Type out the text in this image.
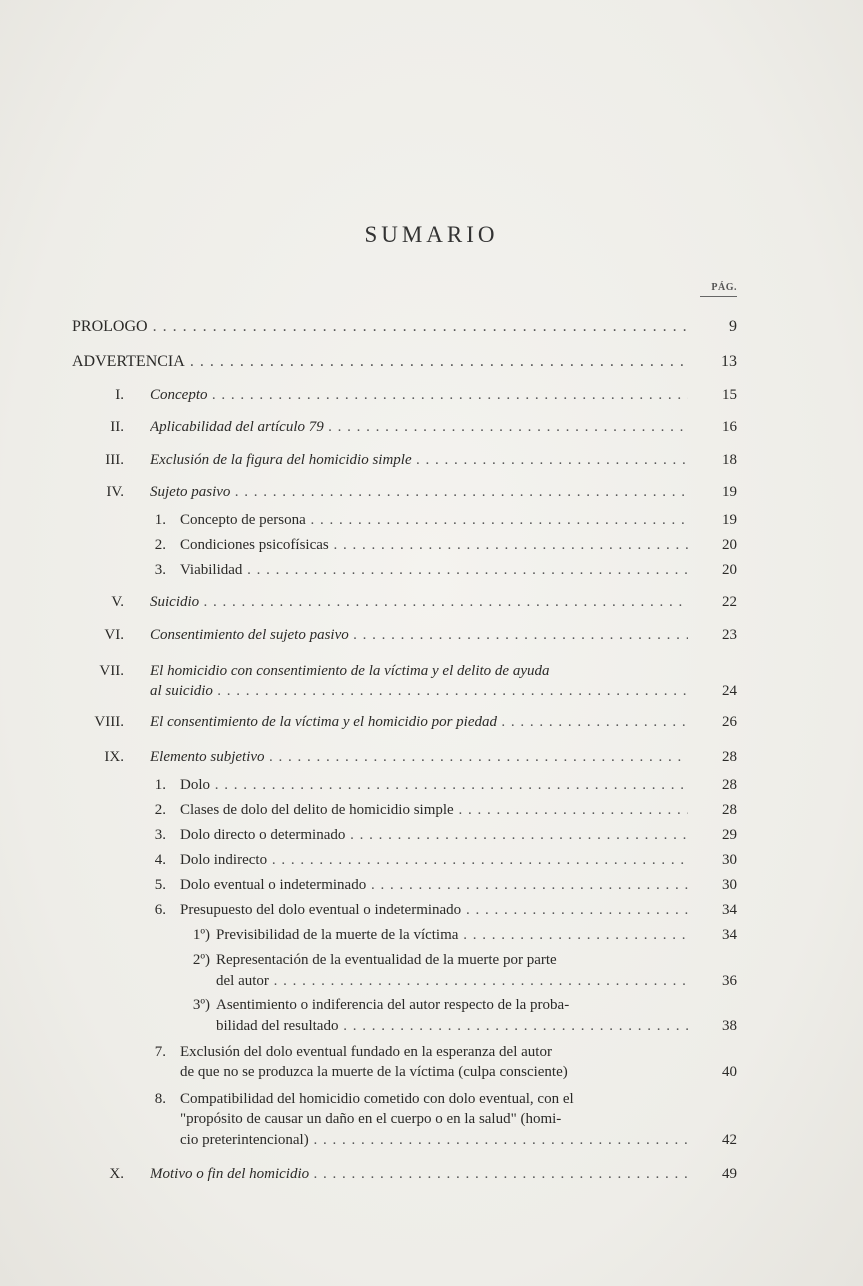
SUMARIO
PÁG.
PROLOGO . . .	9
ADVERTENCIA . . .	13
I. Concepto . . .	15
II. Aplicabilidad del artículo 79 . . .	16
III. Exclusión de la figura del homicidio simple . . .	18
IV. Sujeto pasivo . . .	19
1. Concepto de persona . . .	19
2. Condiciones psicofísicas . . .	20
3. Viabilidad . . .	20
V. Suicidio . . .	22
VI. Consentimiento del sujeto pasivo . . .	23
VII. El homicidio con consentimiento de la víctima y el delito de ayuda
al suicidio . . .	24
VIII. El consentimiento de la víctima y el homicidio por piedad . . .	26
IX. Elemento subjetivo . . .	28
1. Dolo . . .	28
2. Clases de dolo del delito de homicidio simple . . .	28
3. Dolo directo o determinado . . .	29
4. Dolo indirecto . . .	30
5. Dolo eventual o indeterminado . . .	30
6. Presupuesto del dolo eventual o indeterminado . . .	34
1º) Previsibilidad de la muerte de la víctima . . .	34
2º) Representación de la eventualidad de la muerte por parte
del autor . . .	36
3º) Asentimiento o indiferencia del autor respecto de la proba-
bilidad del resultado . . .	38
7. Exclusión del dolo eventual fundado en la esperanza del autor
de que no se produzca la muerte de la víctima (culpa consciente)	40
8. Compatibilidad del homicidio cometido con dolo eventual, con el
"propósito de causar un daño en el cuerpo o en la salud" (homi-
cio preterintencional) . . .	42
X. Motivo o fin del homicidio . . .	49
